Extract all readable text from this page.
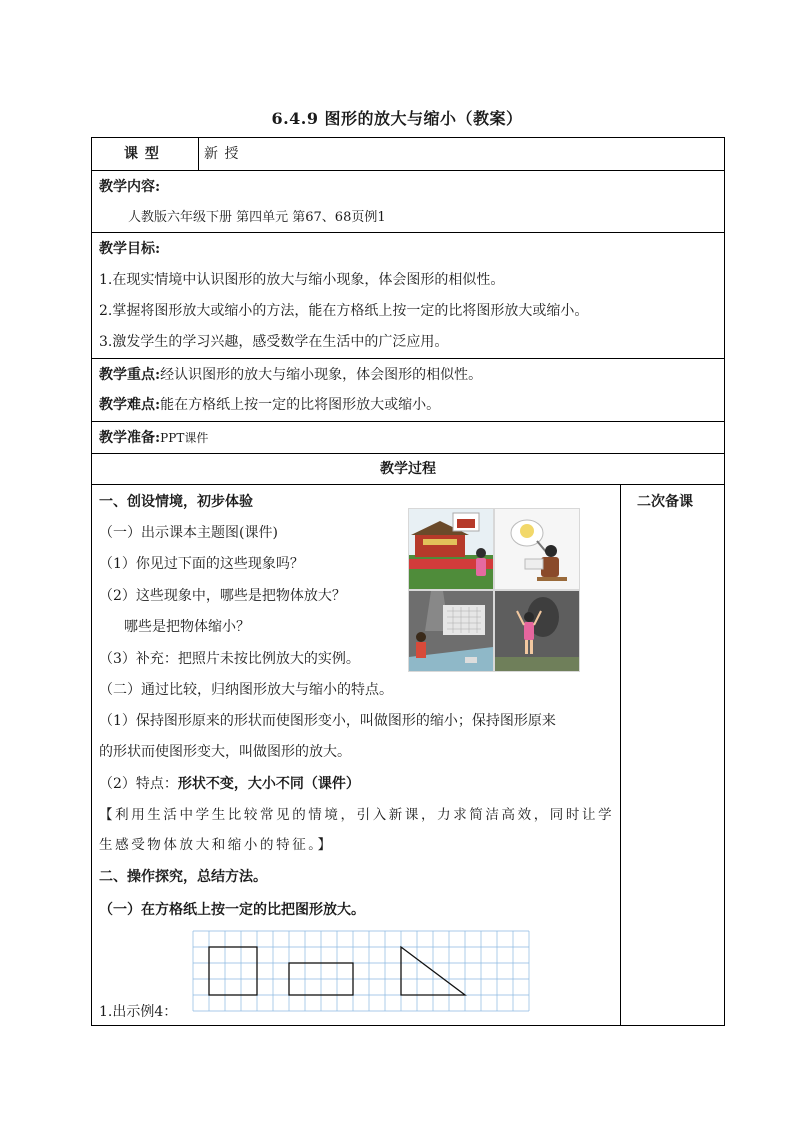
6.4.9 图形的放大与缩小（教案）
课 型	新 授
教学内容:
人教版六年级下册 第四单元 第67、68页例1
教学目标:
1.在现实情境中认识图形的放大与缩小现象，体会图形的相似性。
2.掌握将图形放大或缩小的方法，能在方格纸上按一定的比将图形放大或缩小。
3.激发学生的学习兴趣，感受数学在生活中的广泛应用。
教学重点:经认识图形的放大与缩小现象，体会图形的相似性。
教学难点:能在方格纸上按一定的比将图形放大或缩小。
教学准备:PPT课件
教学过程
二次备课
一、创设情境，初步体验
（一）出示课本主题图(课件)
（1）你见过下面的这些现象吗？
（2）这些现象中，哪些是把物体放大？
哪些是把物体缩小？
（3）补充：把照片未按比例放大的实例。
（二）通过比较，归纳图形放大与缩小的特点。
（1）保持图形原来的形状而使图形变小，叫做图形的缩小；保持图形原来
的形状而使图形变大，叫做图形的放大。
（2）特点：形状不变，大小不同（课件）
【利用生活中学生比较常见的情境，引入新课，力求简洁高效，同时让学
生感受物体放大和缩小的特征。】
二、操作探究，总结方法。
（一）在方格纸上按一定的比把图形放大。
1.出示例4：
